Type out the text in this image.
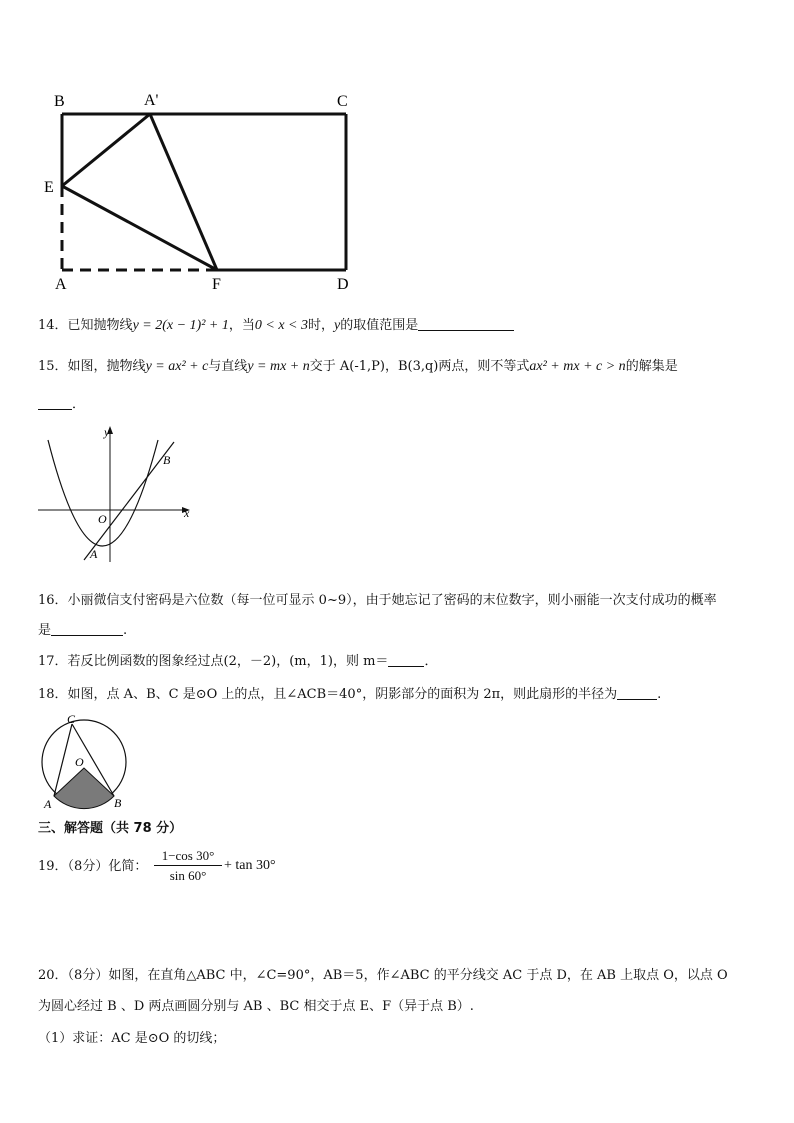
B	A'	C
E
A	F	D
14．已知抛物线y = 2(x − 1)² + 1，当0 < x < 3时，y的取值范围是
15．如图，抛物线y = ax² + c与直线y = mx + n交于 A(-1,P)，B(3,q)两点，则不等式ax² + mx + c > n的解集是
．
y
x
O
A
B
16．小丽微信支付密码是六位数（每一位可显示 0~9），由于她忘记了密码的末位数字，则小丽能一次支付成功的概率
是	.
17．若反比例函数的图象经过点(2，－2)，(m，1)，则 m＝	．
18．如图，点 A、B、C 是⊙O 上的点，且∠ACB＝40°，阴影部分的面积为 2π，则此扇形的半径为	.
C
O
A	B
三、解答题（共 78 分）
19．（8分）化简： $\frac{1-\cos 30^\circ}{\sin 60^\circ} + \tan 30^\circ$
20．（8分）如图，在直角△ABC 中，∠C=90°，AB＝5，作∠ABC 的平分线交 AC 于点 D，在 AB 上取点 O，以点 O
为圆心经过 B 、D 两点画圆分别与 AB 、BC 相交于点 E、F（异于点 B）.
（1）求证：AC 是⊙O 的切线；
